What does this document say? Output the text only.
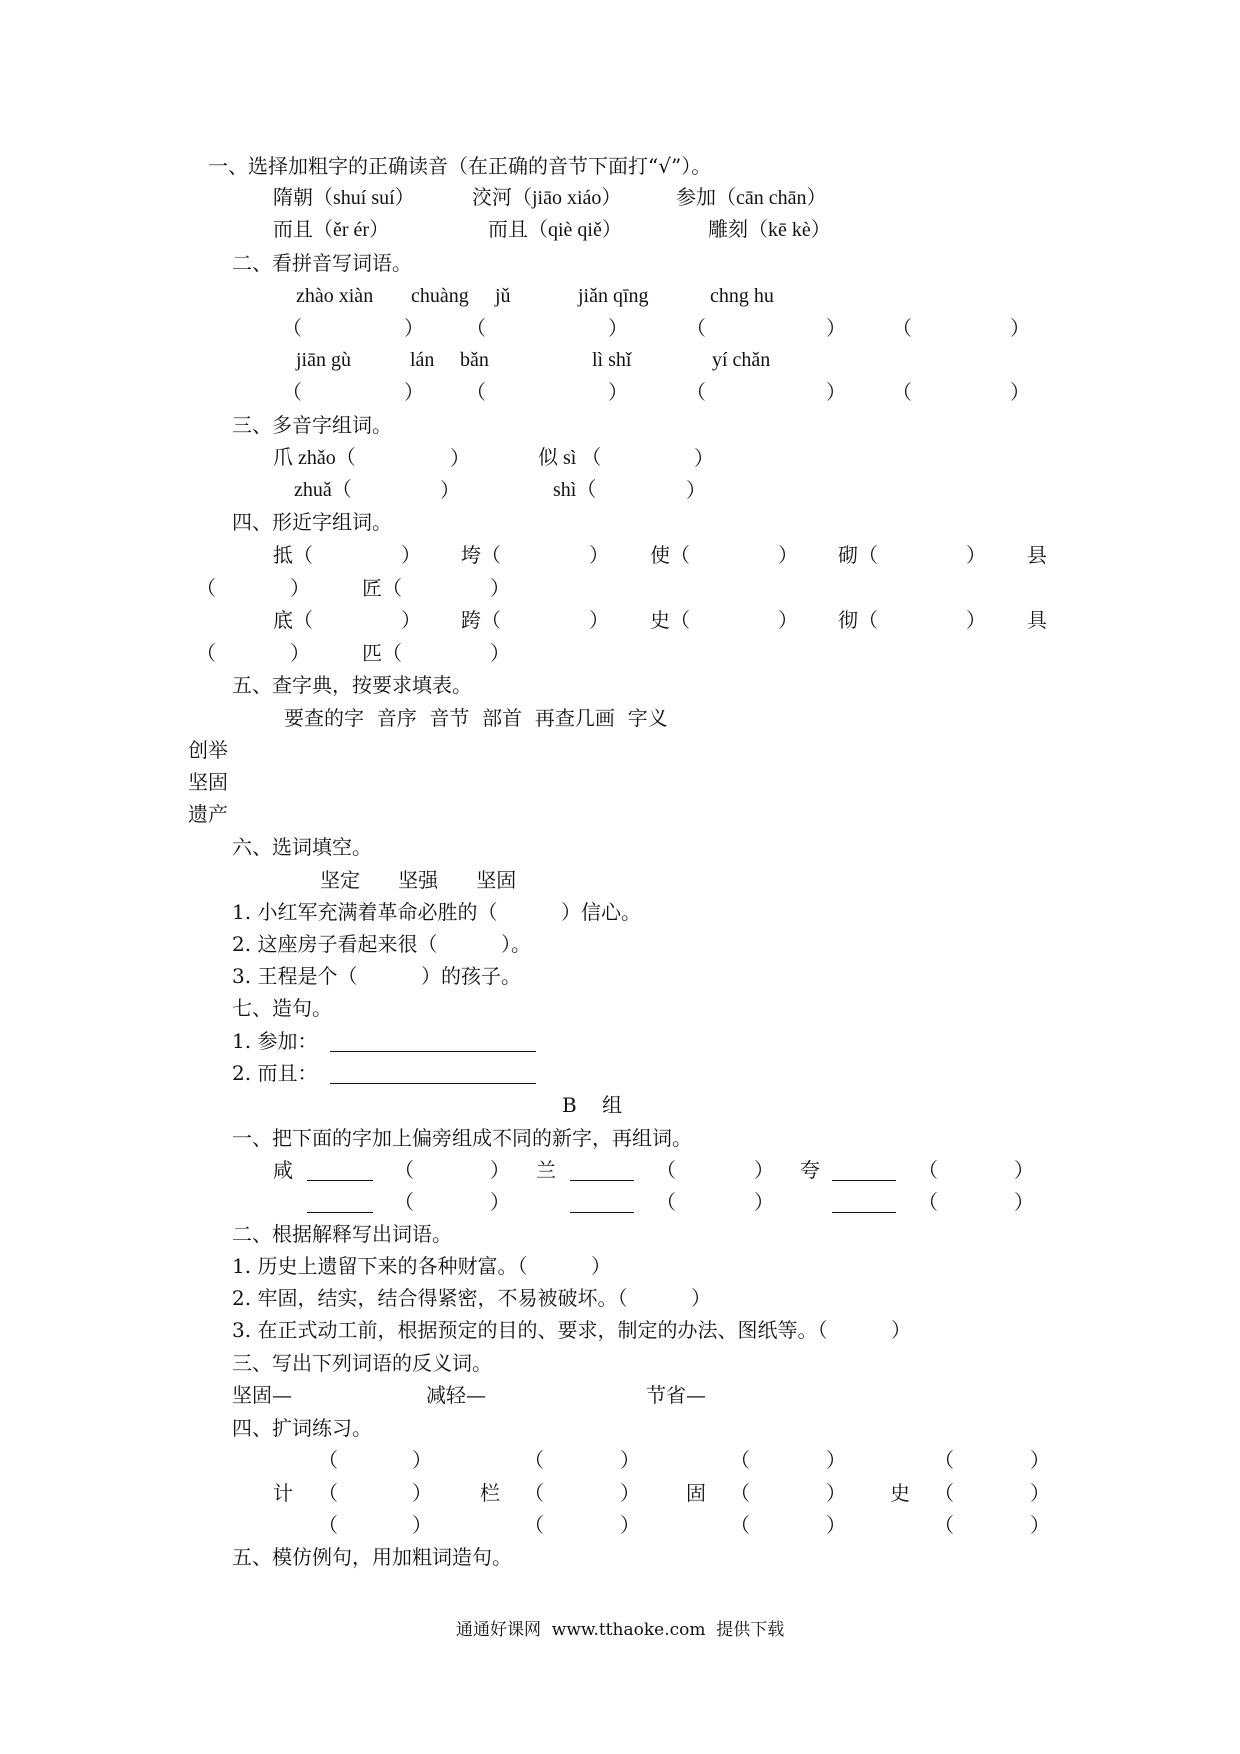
一、选择加粗字的正确读音（在正确的音节下面打“√”）。
隋朝（shuí suí）	洨河（jiāo xiáo）	参加（cān chān）
而且（ěr ér）	而且（qiè qiě）	雕刻（kē kè）
二、看拼音写词语。
zhào xiàn chuàng jǔ	jiǎn qīng	chng hu
（	） （	）	（	） （	）
jiān gù	lán bǎn	lì shǐ	yí chǎn
（	） （	）	（	） （	）
三、多音字组词。
爪 zhǎo（	）	似 sì （	）
zhuǎ（	）	shì（	）
四、形近字组词。
抵（	） 垮（	） 使（	） 砌（	） 县
（	）	匠（	）
底（	） 跨（	） 史（	） 彻（	） 具
（	）	匹（	）
五、查字典，按要求填表。
要查的字  音序  音节  部首  再查几画  字义
创举
坚固
遗产
六、选词填空。
坚定      坚强      坚固
1. 小红军充满着革命必胜的（          ）信心。
2. 这座房子看起来很（          ）。
3. 王程是个（          ）的孩子。
七、造句。
1. 参加：
2. 而且：
B    组
一、把下面的字加上偏旁组成不同的新字，再组词。
咸	（	） 兰	（	） 夸	（	）
（	）	（	）	（	）
二、根据解释写出词语。
1. 历史上遗留下来的各种财富。（          ）
2. 牢固，结实，结合得紧密，不易被破坏。（          ）
3. 在正式动工前，根据预定的目的、要求，制定的办法、图纸等。（          ）
三、写出下列词语的反义词。
坚固—	减轻—	节省—
四、扩词练习。
（	）	（	）	（	）	（	）
计 （	） 栏 （	） 固 （	） 史 （	）
（	）	（	）	（	）	（	）
五、模仿例句，用加粗词造句。
通通好课网  www.tthaoke.com  提供下载
